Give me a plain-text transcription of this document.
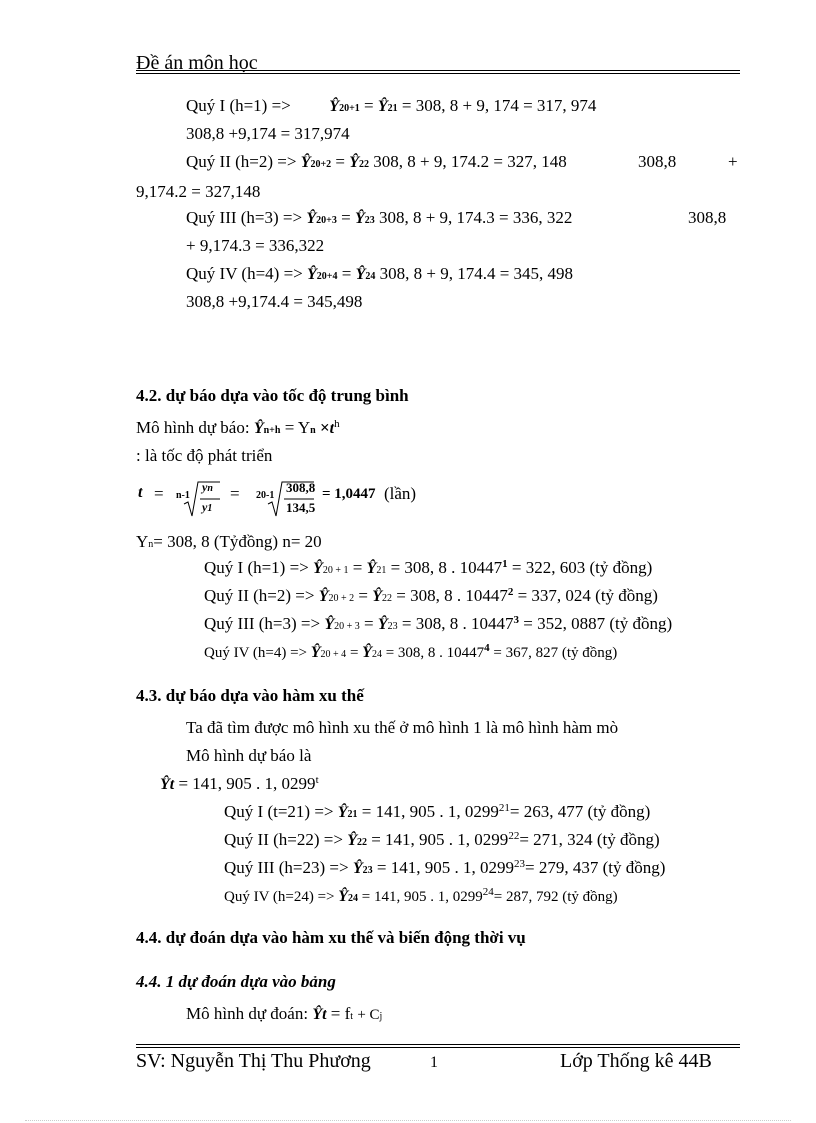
Đề án môn học
Quý I (h=1) => Ŷ20+1 = Ŷ21 = 308, 8 + 9, 174 = 317, 974
308,8 +9,174 = 317,974
Quý II (h=2) => Ŷ20+2 = Ŷ22 308, 8 + 9, 174.2 = 327, 148	308,8	+
9,174.2 = 327,148
Quý III (h=3) => Ŷ20+3 = Ŷ23 308, 8 + 9, 174.3 = 336, 322	308,8
+ 9,174.3 = 336,322
Quý IV (h=4) => Ŷ20+4 = Ŷ24 308, 8 + 9, 174.4 = 345, 498
308,8 +9,174.4 = 345,498
4.2. dự báo dựa vào tốc độ trung bình
Mô hình dự báo: Ŷn+h = $Yn \times t^h$
: là tốc độ phát triển
t = n-1
yn
y1
= 20-1
308,8
134,5
= 1,0447 (lần)
Yn= 308, 8 (Tỷđồng) n= 20
Quý I (h=1) => Ŷ20 + 1 = Ŷ21 = 308, 8 . $10447^1 = 322$, 603 (tỷ đồng)
Quý II (h=2) => Ŷ20 + 2 = Ŷ22 = 308, 8 . $10447^2 = 337$, 024 (tỷ đồng)
Quý III (h=3) => Ŷ20 + 3 = Ŷ23 = 308, 8 . $10447^3 = 352$, 0887 (tỷ đồng)
Quý IV (h=4) => Ŷ20 + 4 = Ŷ24 = 308, 8 . $10447^4 = 367$, 827 (tỷ đồng)
4.3. dự báo dựa vào hàm xu thế
Ta đã tìm được mô hình xu thế ở mô hình 1 là mô hình hàm mò
Mô hình dự báo là
Ŷt = 141, 905 . 1, 0299$^t$
Quý I (t=21) => Ŷ21 = 141, 905 . 1, $0299^{21}= 263$, 477 (tỷ đồng)
Quý II (h=22) => Ŷ22 = 141, 905 . 1, $0299^{22}= 271$, 324 (tỷ đồng)
Quý III (h=23) => Ŷ23 = 141, 905 . 1, $0299^{23}= 279$, 437 (tỷ đồng)
Quý IV (h=24) => Ŷ24 = 141, 905 . 1, $0299^{24}= 287$, 792 (tỷ đồng)
4.4. dự đoán dựa vào hàm xu thế và biến động thời vụ
4.4. 1 dự đoán dựa vào bảng
Mô hình dự đoán: Ŷt = ft + Cj
SV: Nguyễn Thị Thu Phương	1	Lớp Thống kê 44B
